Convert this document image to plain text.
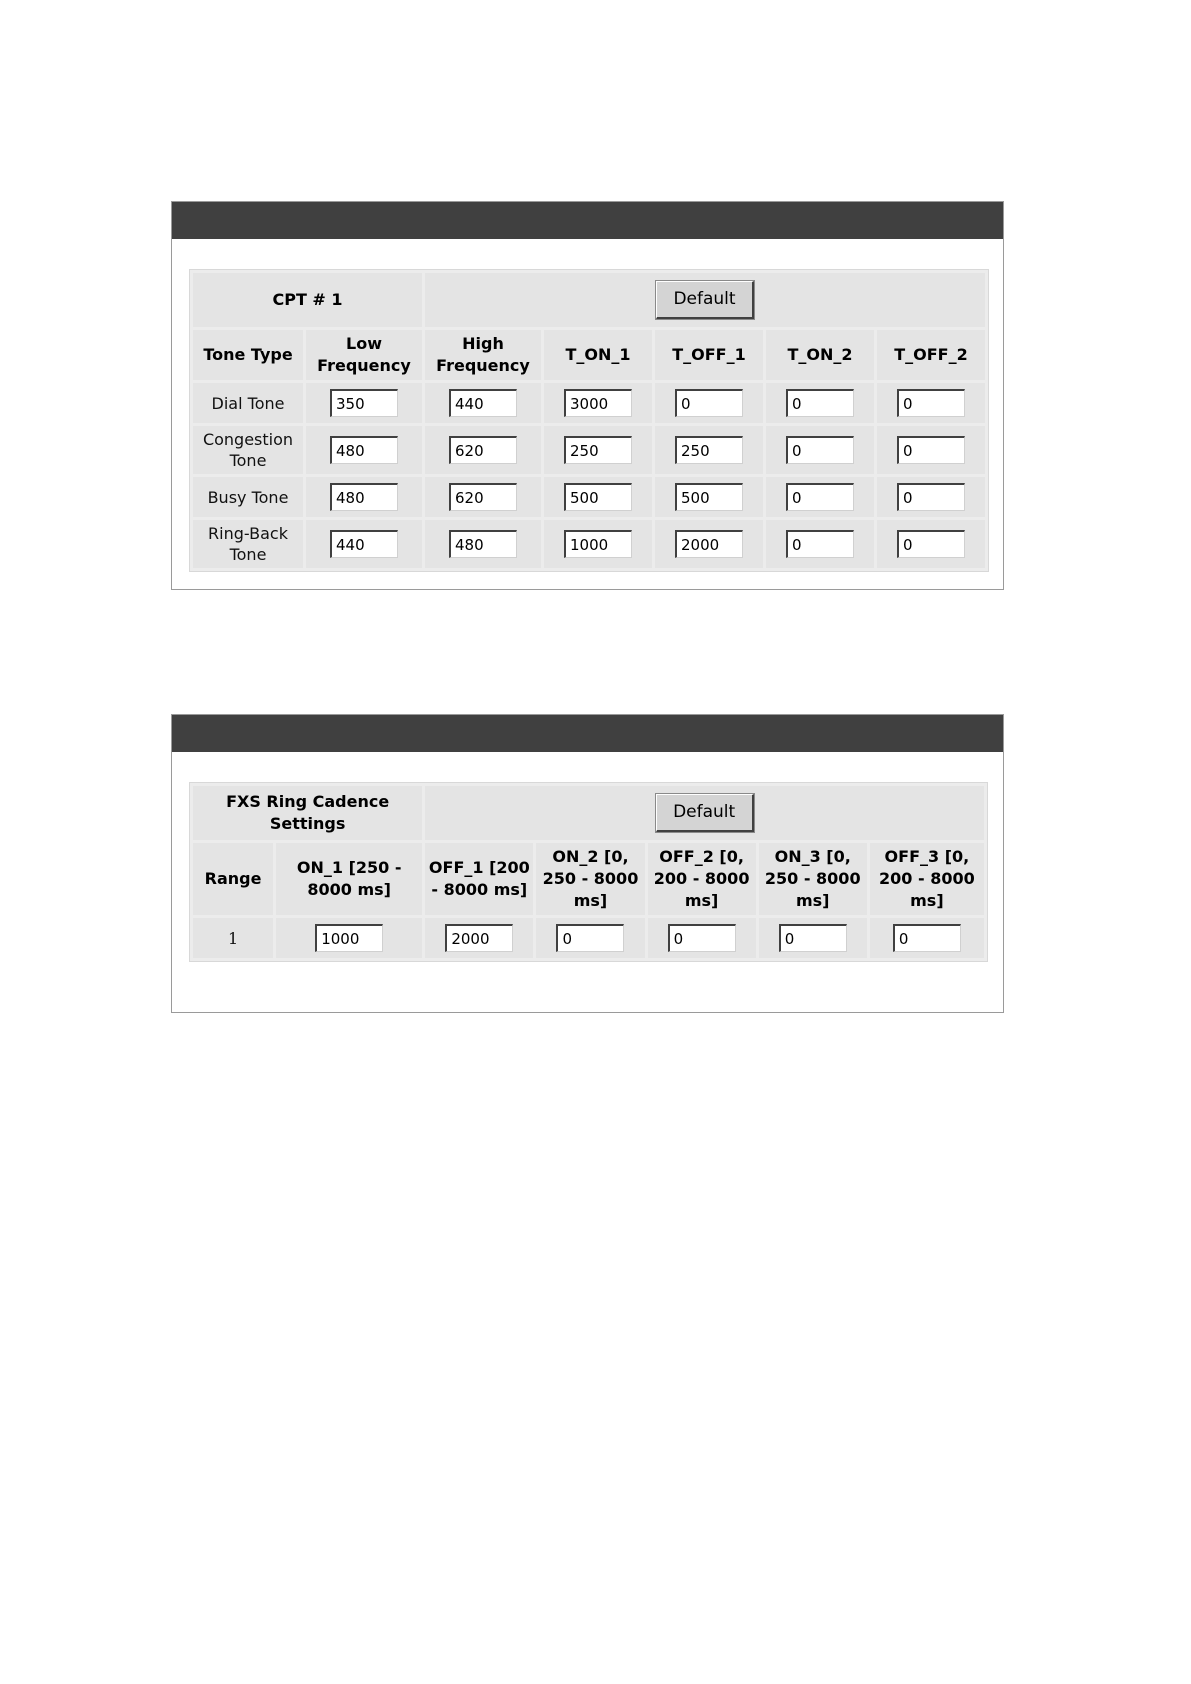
CPT # 1		Default				
Tone Type	Low Frequency	High Frequency	T_ON_1	T_OFF_1	T_ON_2	T_OFF_2
Dial Tone	350	440	3000	0	0	0
Congestion Tone	480	620	250	250	0	0
Busy Tone	480	620	500	500	0	0
Ring-Back Tone	440	480	1000	2000	0	0
FXS Ring Cadence Settings		Default				
Range	ON_1 [250 - 8000 ms]	OFF_1 [200 - 8000 ms]	ON_2 [0, 250 - 8000 ms]	OFF_2 [0, 200 - 8000 ms]	ON_3 [0, 250 - 8000 ms]	OFF_3 [0, 200 - 8000 ms]
1	1000	2000	0	0	0	0
